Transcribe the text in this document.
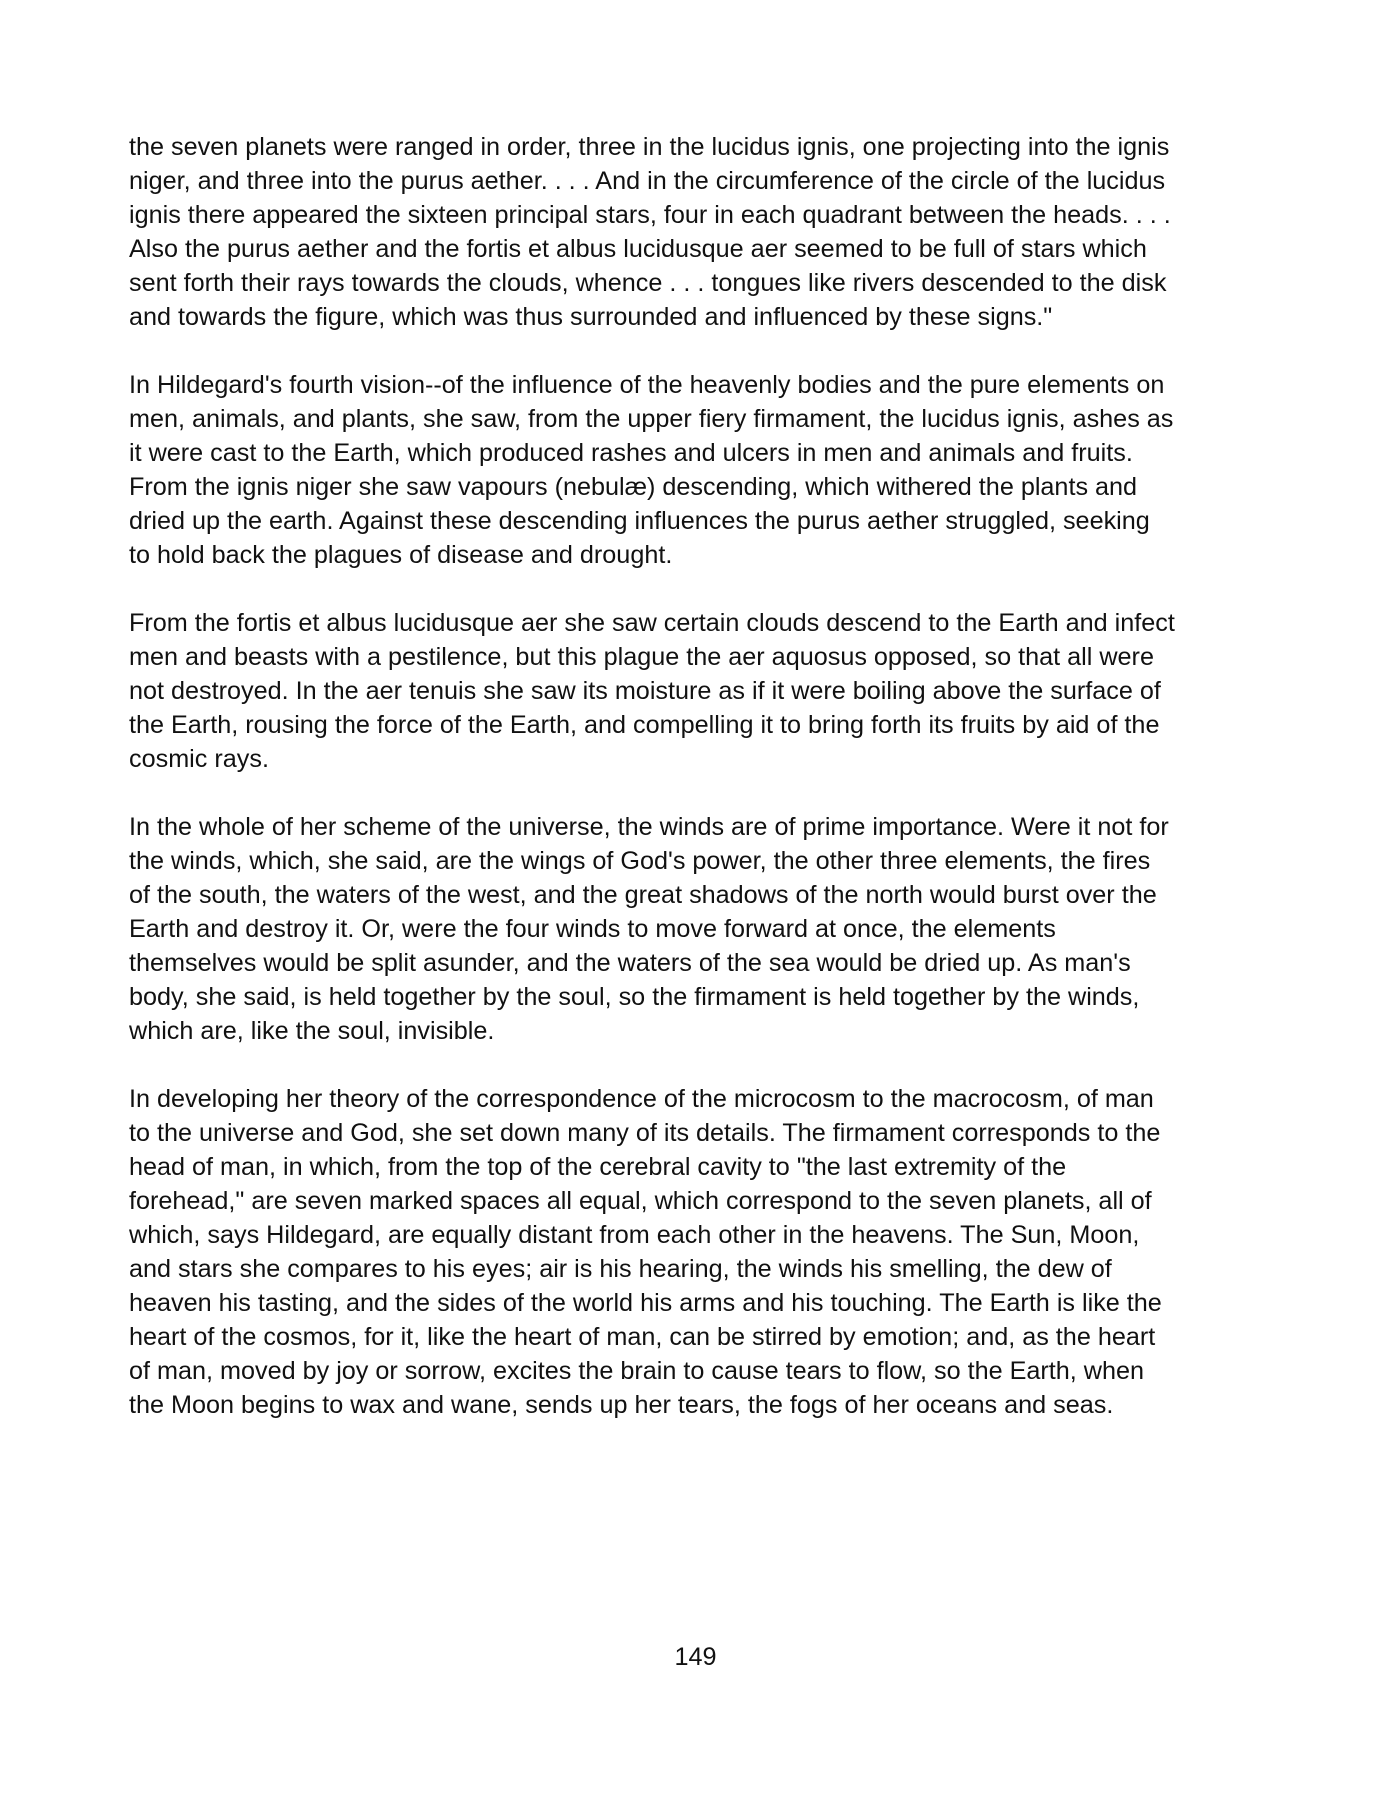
the seven planets were ranged in order, three in the lucidus ignis, one projecting into the ignis
niger, and three into the purus aether. . . . And in the circumference of the circle of the lucidus
ignis there appeared the sixteen principal stars, four in each quadrant between the heads. . . .
Also the purus aether and the fortis et albus lucidusque aer seemed to be full of stars which
sent forth their rays towards the clouds, whence . . . tongues like rivers descended to the disk
and towards the figure, which was thus surrounded and influenced by these signs."

In Hildegard's fourth vision--of the influence of the heavenly bodies and the pure elements on
men, animals, and plants, she saw, from the upper fiery firmament, the lucidus ignis, ashes as
it were cast to the Earth, which produced rashes and ulcers in men and animals and fruits.
From the ignis niger she saw vapours (nebulæ) descending, which withered the plants and
dried up the earth. Against these descending influences the purus aether struggled, seeking
to hold back the plagues of disease and drought.

From the fortis et albus lucidusque aer she saw certain clouds descend to the Earth and infect
men and beasts with a pestilence, but this plague the aer aquosus opposed, so that all were
not destroyed. In the aer tenuis she saw its moisture as if it were boiling above the surface of
the Earth, rousing the force of the Earth, and compelling it to bring forth its fruits by aid of the
cosmic rays.

In the whole of her scheme of the universe, the winds are of prime importance. Were it not for
the winds, which, she said, are the wings of God's power, the other three elements, the fires
of the south, the waters of the west, and the great shadows of the north would burst over the
Earth and destroy it. Or, were the four winds to move forward at once, the elements
themselves would be split asunder, and the waters of the sea would be dried up. As man's
body, she said, is held together by the soul, so the firmament is held together by the winds,
which are, like the soul, invisible.

In developing her theory of the correspondence of the microcosm to the macrocosm, of man
to the universe and God, she set down many of its details. The firmament corresponds to the
head of man, in which, from the top of the cerebral cavity to "the last extremity of the
forehead," are seven marked spaces all equal, which correspond to the seven planets, all of
which, says Hildegard, are equally distant from each other in the heavens. The Sun, Moon,
and stars she compares to his eyes; air is his hearing, the winds his smelling, the dew of
heaven his tasting, and the sides of the world his arms and his touching. The Earth is like the
heart of the cosmos, for it, like the heart of man, can be stirred by emotion; and, as the heart
of man, moved by joy or sorrow, excites the brain to cause tears to flow, so the Earth, when
the Moon begins to wax and wane, sends up her tears, the fogs of her oceans and seas.

149
